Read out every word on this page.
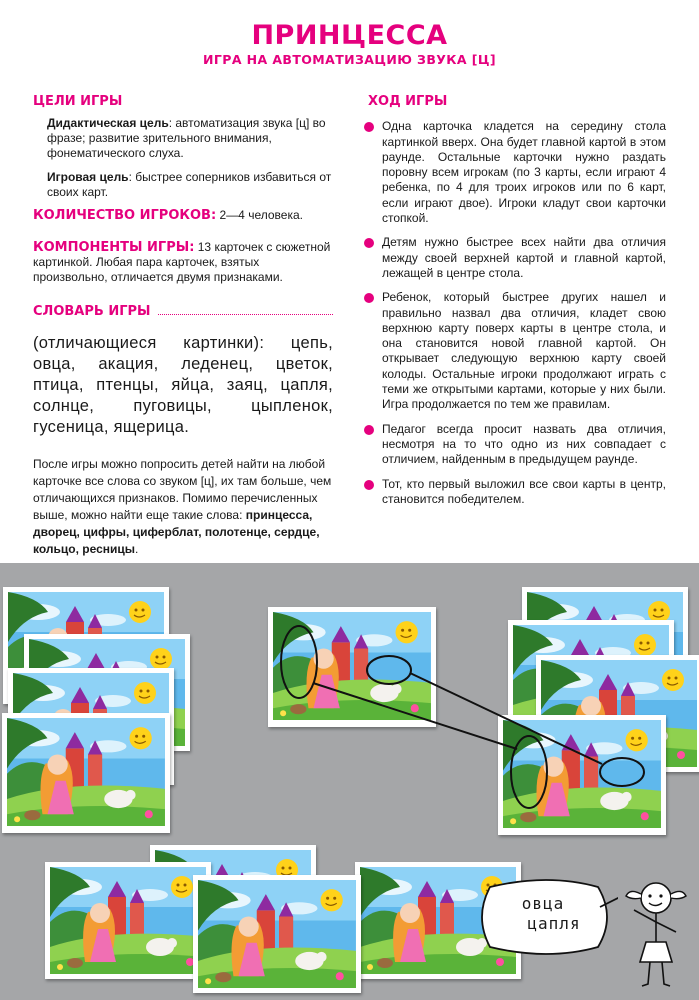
ПРИНЦЕССА
ИГРА НА АВТОМАТИЗАЦИЮ ЗВУКА [Ц]
ЦЕЛИ ИГРЫ

Дидактическая цель: автоматизация звука [ц] во фразе; развитие зрительного внимания, фонематического слуха.

Игровая цель: быстрее соперников избавиться от своих карт.

КОЛИЧЕСТВО ИГРОКОВ: 2—4 человека.
КОМПОНЕНТЫ ИГРЫ: 13 карточек с сюжетной картинкой. Любая пара карточек, взятых произвольно, отличается двумя признаками.
СЛОВАРЬ ИГРЫ

(отличающиеся картинки): цепь, овца, акация, леденец, цветок, птица, птенцы, яйца, заяц, цапля, солнце, пуговицы, цыпленок, гусеница, ящерица.

После игры можно попросить детей найти на любой карточке все слова со звуком [ц], их там больше, чем отличающихся признаков. Помимо перечисленных выше, можно найти еще такие слова: принцесса, дворец, цифры, циферблат, полотенце, сердце, кольцо, ресницы.

ХОД ИГРЫ
Одна карточка кладется на середину стола картинкой вверх. Она будет главной картой в этом раунде. Остальные карточки нужно раздать поровну всем игрокам (по 3 карты, если играют 4 ребенка, по 4 для троих игроков или по 6 карт, если играют двое). Игроки кладут свои карточки стопкой.
Детям нужно быстрее всех найти два отличия между своей верхней картой и главной картой, лежащей в центре стола.
Ребенок, который быстрее других нашел и правильно назвал два отличия, кладет свою верхнюю карту поверх карты в центре стола, и она становится новой главной картой. Он открывает следующую верхнюю карту своей колоды. Остальные игроки продолжают играть с теми же открытыми картами, которые у них были. Игра продолжается по тем же правилам.
Педагог всегда просит назвать два отличия, несмотря на то что одно из них совпадает с отличием, найденным в предыдущем раунде.
Тот, кто первый выложил все свои карты в центр, становится победителем.
овца
цапля
